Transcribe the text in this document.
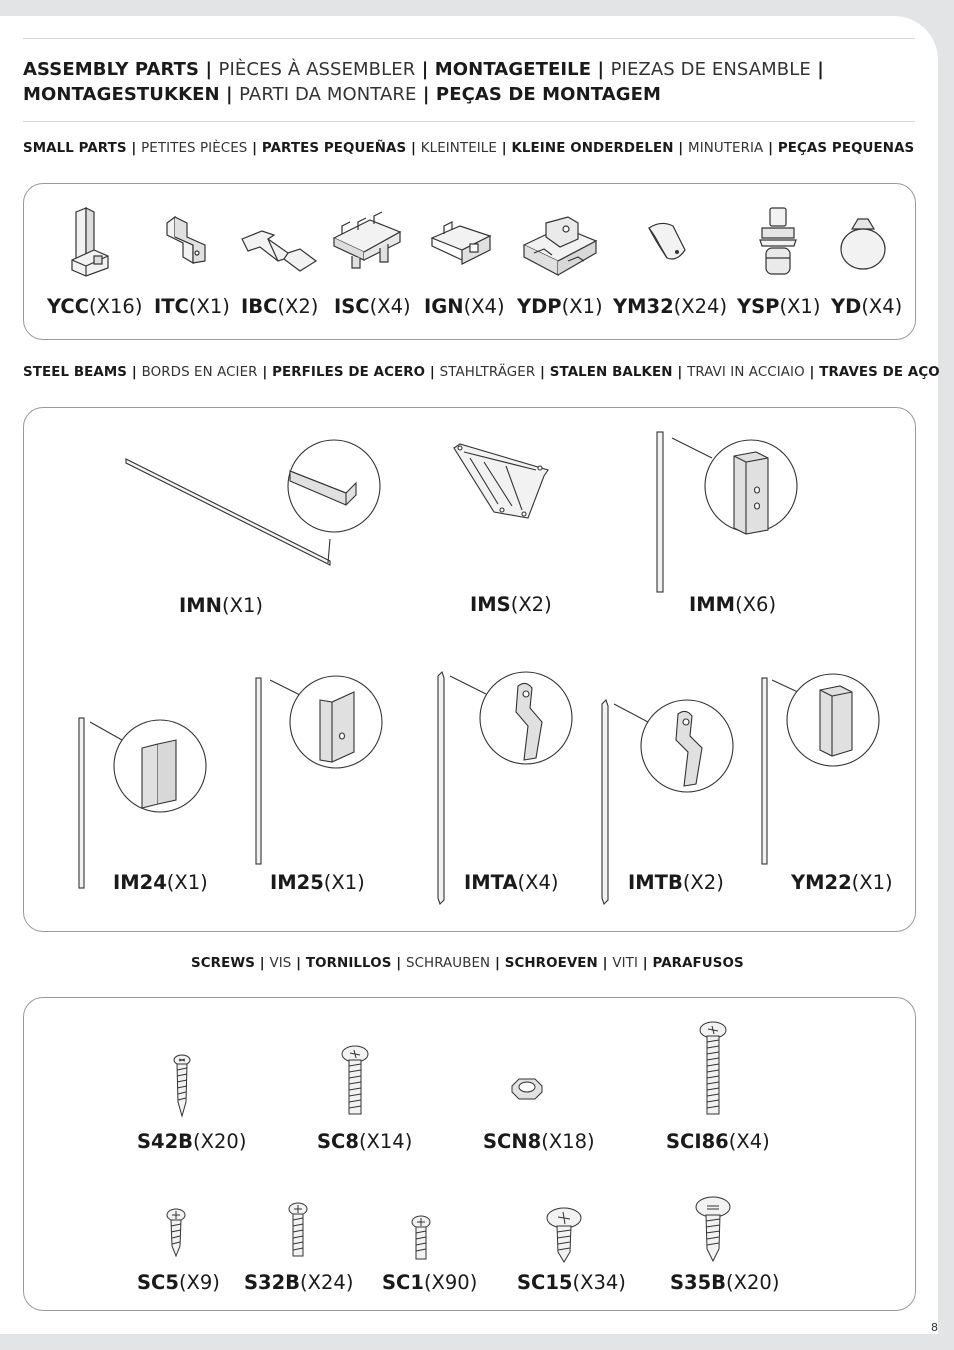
ASSEMBLY PARTS | PIÈCES À ASSEMBLER | MONTAGETEILE | PIEZAS DE ENSAMBLE |
MONTAGESTUKKEN | PARTI DA MONTARE | PEÇAS DE MONTAGEM
SMALL PARTS | PETITES PIÈCES | PARTES PEQUEÑAS | KLEINTEILE | KLEINE ONDERDELEN | MINUTERIA | PEÇAS PEQUENAS
YCC(X16) ITC(X1) IBC(X2) ISC(X4) IGN(X4) YDP(X1) YM32(X24) YSP(X1) YD(X4)
STEEL BEAMS | BORDS EN ACIER | PERFILES DE ACERO | STAHLTRÄGER | STALEN BALKEN | TRAVI IN ACCIAIO | TRAVES DE AÇO
IMN(X1)	IMS(X2)	IMM(X6)
IM24(X1)	IM25(X1)	IMTA(X4)	IMTB(X2)	YM22(X1)
SCREWS | VIS | TORNILLOS | SCHRAUBEN | SCHROEVEN | VITI | PARAFUSOS
S42B(X20)	SC8(X14)	SCN8(X18)	SCI86(X4)
SC5(X9) S32B(X24) SC1(X90) SC15(X34) S35B(X20)
8
